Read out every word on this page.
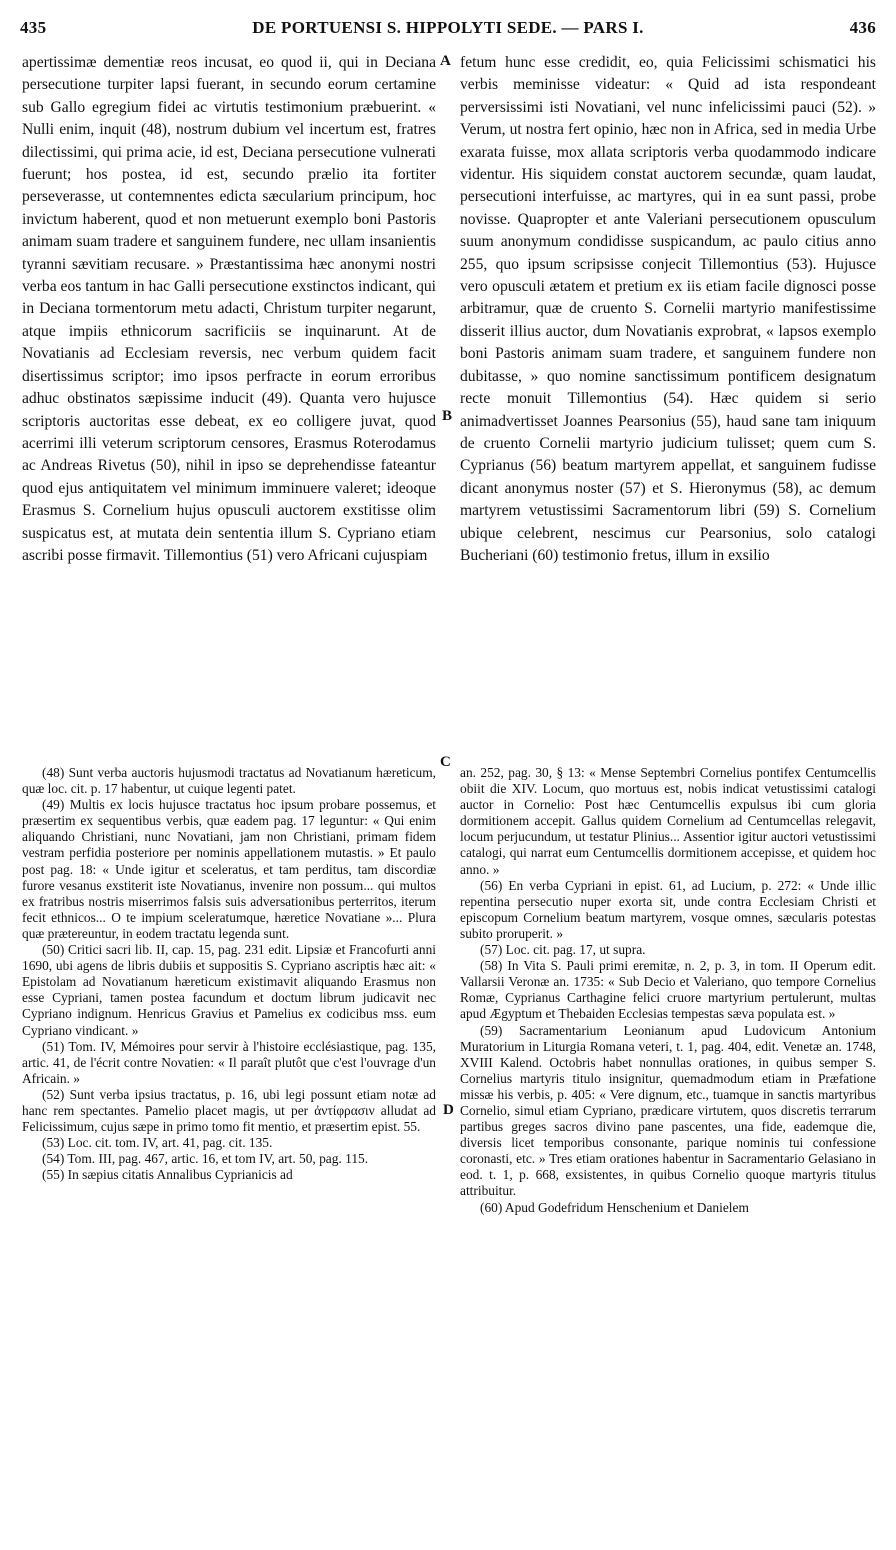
435	DE PORTUENSI S. HIPPOLYTI SEDE. — PARS I.	436
A
B
C
D

apertissimæ dementiæ reos incusat, eo quod ii, qui in Deciana persecutione turpiter lapsi fuerant, in secundo eorum certamine sub Gallo egregium fidei ac virtutis testimonium præbuerint. « Nulli enim, inquit (48), nostrum dubium vel incertum est, fratres dilectissimi, qui prima acie, id est, Deciana persecutione vulnerati fuerunt; hos postea, id est, secundo prælio ita fortiter perseverasse, ut contemnentes edicta sæcularium principum, hoc invictum haberent, quod et non metuerunt exemplo boni Pastoris animam suam tradere et sanguinem fundere, nec ullam insanientis tyranni sævitiam recusare. » Præstantissima hæc anonymi nostri verba eos tantum in hac Galli persecutione exstinctos indicant, qui in Deciana tormentorum metu adacti, Christum turpiter negarunt, atque impiis ethnicorum sacrificiis se inquinarunt. At de Novatianis ad Ecclesiam reversis, nec verbum quidem facit disertissimus scriptor; imo ipsos perfracte in eorum erroribus adhuc obstinatos sæpissime inducit (49). Quanta vero hujusce scriptoris auctoritas esse debeat, ex eo colligere juvat, quod acerrimi illi veterum scriptorum censores, Erasmus Roterodamus ac Andreas Rivetus (50), nihil in ipso se deprehendisse fateantur quod ejus antiquitatem vel minimum imminuere valeret; ideoque Erasmus S. Cornelium hujus opusculi auctorem exstitisse olim suspicatus est, at mutata dein sententia illum S. Cypriano etiam ascribi posse firmavit. Tillemontius (51) vero Africani cujuspiam

fetum hunc esse credidit, eo, quia Felicissimi schismatici his verbis meminisse videatur: « Quid ad ista respondeant perversissimi isti Novatiani, vel nunc infelicissimi pauci (52). » Verum, ut nostra fert opinio, hæc non in Africa, sed in media Urbe exarata fuisse, mox allata scriptoris verba quodammodo indicare videntur. His siquidem constat auctorem secundæ, quam laudat, persecutioni interfuisse, ac martyres, qui in ea sunt passi, probe novisse. Quapropter et ante Valeriani persecutionem opusculum suum anonymum condidisse suspicandum, ac paulo citius anno 255, quo ipsum scripsisse conjecit Tillemontius (53). Hujusce vero opusculi ætatem et pretium ex iis etiam facile dignosci posse arbitramur, quæ de cruento S. Cornelii martyrio manifestissime disserit illius auctor, dum Novatianis exprobrat, « lapsos exemplo boni Pastoris animam suam tradere, et sanguinem fundere non dubitasse, » quo nomine sanctissimum pontificem designatum recte monuit Tillemontius (54). Hæc quidem si serio animadvertisset Joannes Pearsonius (55), haud sane tam iniquum de cruento Cornelii martyrio judicium tulisset; quem cum S. Cyprianus (56) beatum martyrem appellat, et sanguinem fudisse dicant anonymus noster (57) et S. Hieronymus (58), ac demum martyrem vetustissimi Sacramentorum libri (59) S. Cornelium ubique celebrent, nescimus cur Pearsonius, solo catalogi Bucheriani (60) testimonio fretus, illum in exsilio

(48) Sunt verba auctoris hujusmodi tractatus ad Novatianum hæreticum, quæ loc. cit. p. 17 habentur, ut cuique legenti patet.

(49) Multis ex locis hujusce tractatus hoc ipsum probare possemus, et præsertim ex sequentibus verbis, quæ eadem pag. 17 leguntur: « Qui enim aliquando Christiani, nunc Novatiani, jam non Christiani, primam fidem vestram perfidia posteriore per nominis appellationem mutastis. » Et paulo post pag. 18: « Unde igitur et sceleratus, et tam perditus, tam discordiæ furore vesanus exstiterit iste Novatianus, invenire non possum... qui multos ex fratribus nostris miserrimos falsis suis adversationibus perterritos, iterum fecit ethnicos... O te impium sceleratumque, hæretice Novatiane »... Plura quæ prætereuntur, in eodem tractatu legenda sunt.

(50) Critici sacri lib. II, cap. 15, pag. 231 edit. Lipsiæ et Francofurti anni 1690, ubi agens de libris dubiis et suppositis S. Cypriano ascriptis hæc ait: « Epistolam ad Novatianum hæreticum existimavit aliquando Erasmus non esse Cypriani, tamen postea facundum et doctum librum judicavit nec Cypriano indignum. Henricus Gravius et Pamelius ex codicibus mss. eum Cypriano vindicant. »

(51) Tom. IV, Mémoires pour servir à l'histoire ecclésiastique, pag. 135, artic. 41, de l'écrit contre Novatien: « Il paraît plutôt que c'est l'ouvrage d'un Africain. »

(52) Sunt verba ipsius tractatus, p. 16, ubi legi possunt etiam notæ ad hanc rem spectantes. Pamelio placet magis, ut per ἀντίφρασιν alludat ad Felicissimum, cujus sæpe in primo tomo fit mentio, et præsertim epist. 55.

(53) Loc. cit. tom. IV, art. 41, pag. cit. 135.

(54) Tom. III, pag. 467, artic. 16, et tom IV, art. 50, pag. 115.

(55) In sæpius citatis Annalibus Cyprianicis ad

an. 252, pag. 30, § 13: « Mense Septembri Cornelius pontifex Centumcellis obiit die XIV. Locum, quo mortuus est, nobis indicat vetustissimi catalogi auctor in Cornelio: Post hæc Centumcellis expulsus ibi cum gloria dormitionem accepit. Gallus quidem Cornelium ad Centumcellas relegavit, locum perjucundum, ut testatur Plinius... Assentior igitur auctori vetustissimi catalogi, qui narrat eum Centumcellis dormitionem accepisse, et quidem hoc anno. »

(56) En verba Cypriani in epist. 61, ad Lucium, p. 272: « Unde illic repentina persecutio nuper exorta sit, unde contra Ecclesiam Christi et episcopum Cornelium beatum martyrem, vosque omnes, sæcularis potestas subito proruperit. »

(57) Loc. cit. pag. 17, ut supra.

(58) In Vita S. Pauli primi eremitæ, n. 2, p. 3, in tom. II Operum edit. Vallarsii Veronæ an. 1735: « Sub Decio et Valeriano, quo tempore Cornelius Romæ, Cyprianus Carthagine felici cruore martyrium pertulerunt, multas apud Ægyptum et Thebaiden Ecclesias tempestas sæva populata est. »

(59) Sacramentarium Leonianum apud Ludovicum Antonium Muratorium in Liturgia Romana veteri, t. 1, pag. 404, edit. Venetæ an. 1748, XVIII Kalend. Octobris habet nonnullas orationes, in quibus semper S. Cornelius martyris titulo insignitur, quemadmodum etiam in Præfatione missæ his verbis, p. 405: « Vere dignum, etc., tuamque in sanctis martyribus Cornelio, simul etiam Cypriano, prædicare virtutem, quos discretis terrarum partibus greges sacros divino pane pascentes, una fide, eademque die, diversis licet temporibus consonante, parique nominis tui confessione coronasti, etc. » Tres etiam orationes habentur in Sacramentario Gelasiano in eod. t. 1, p. 668, exsistentes, in quibus Cornelio quoque martyris titulus attribuitur.

(60) Apud Godefridum Henschenium et Danielem
